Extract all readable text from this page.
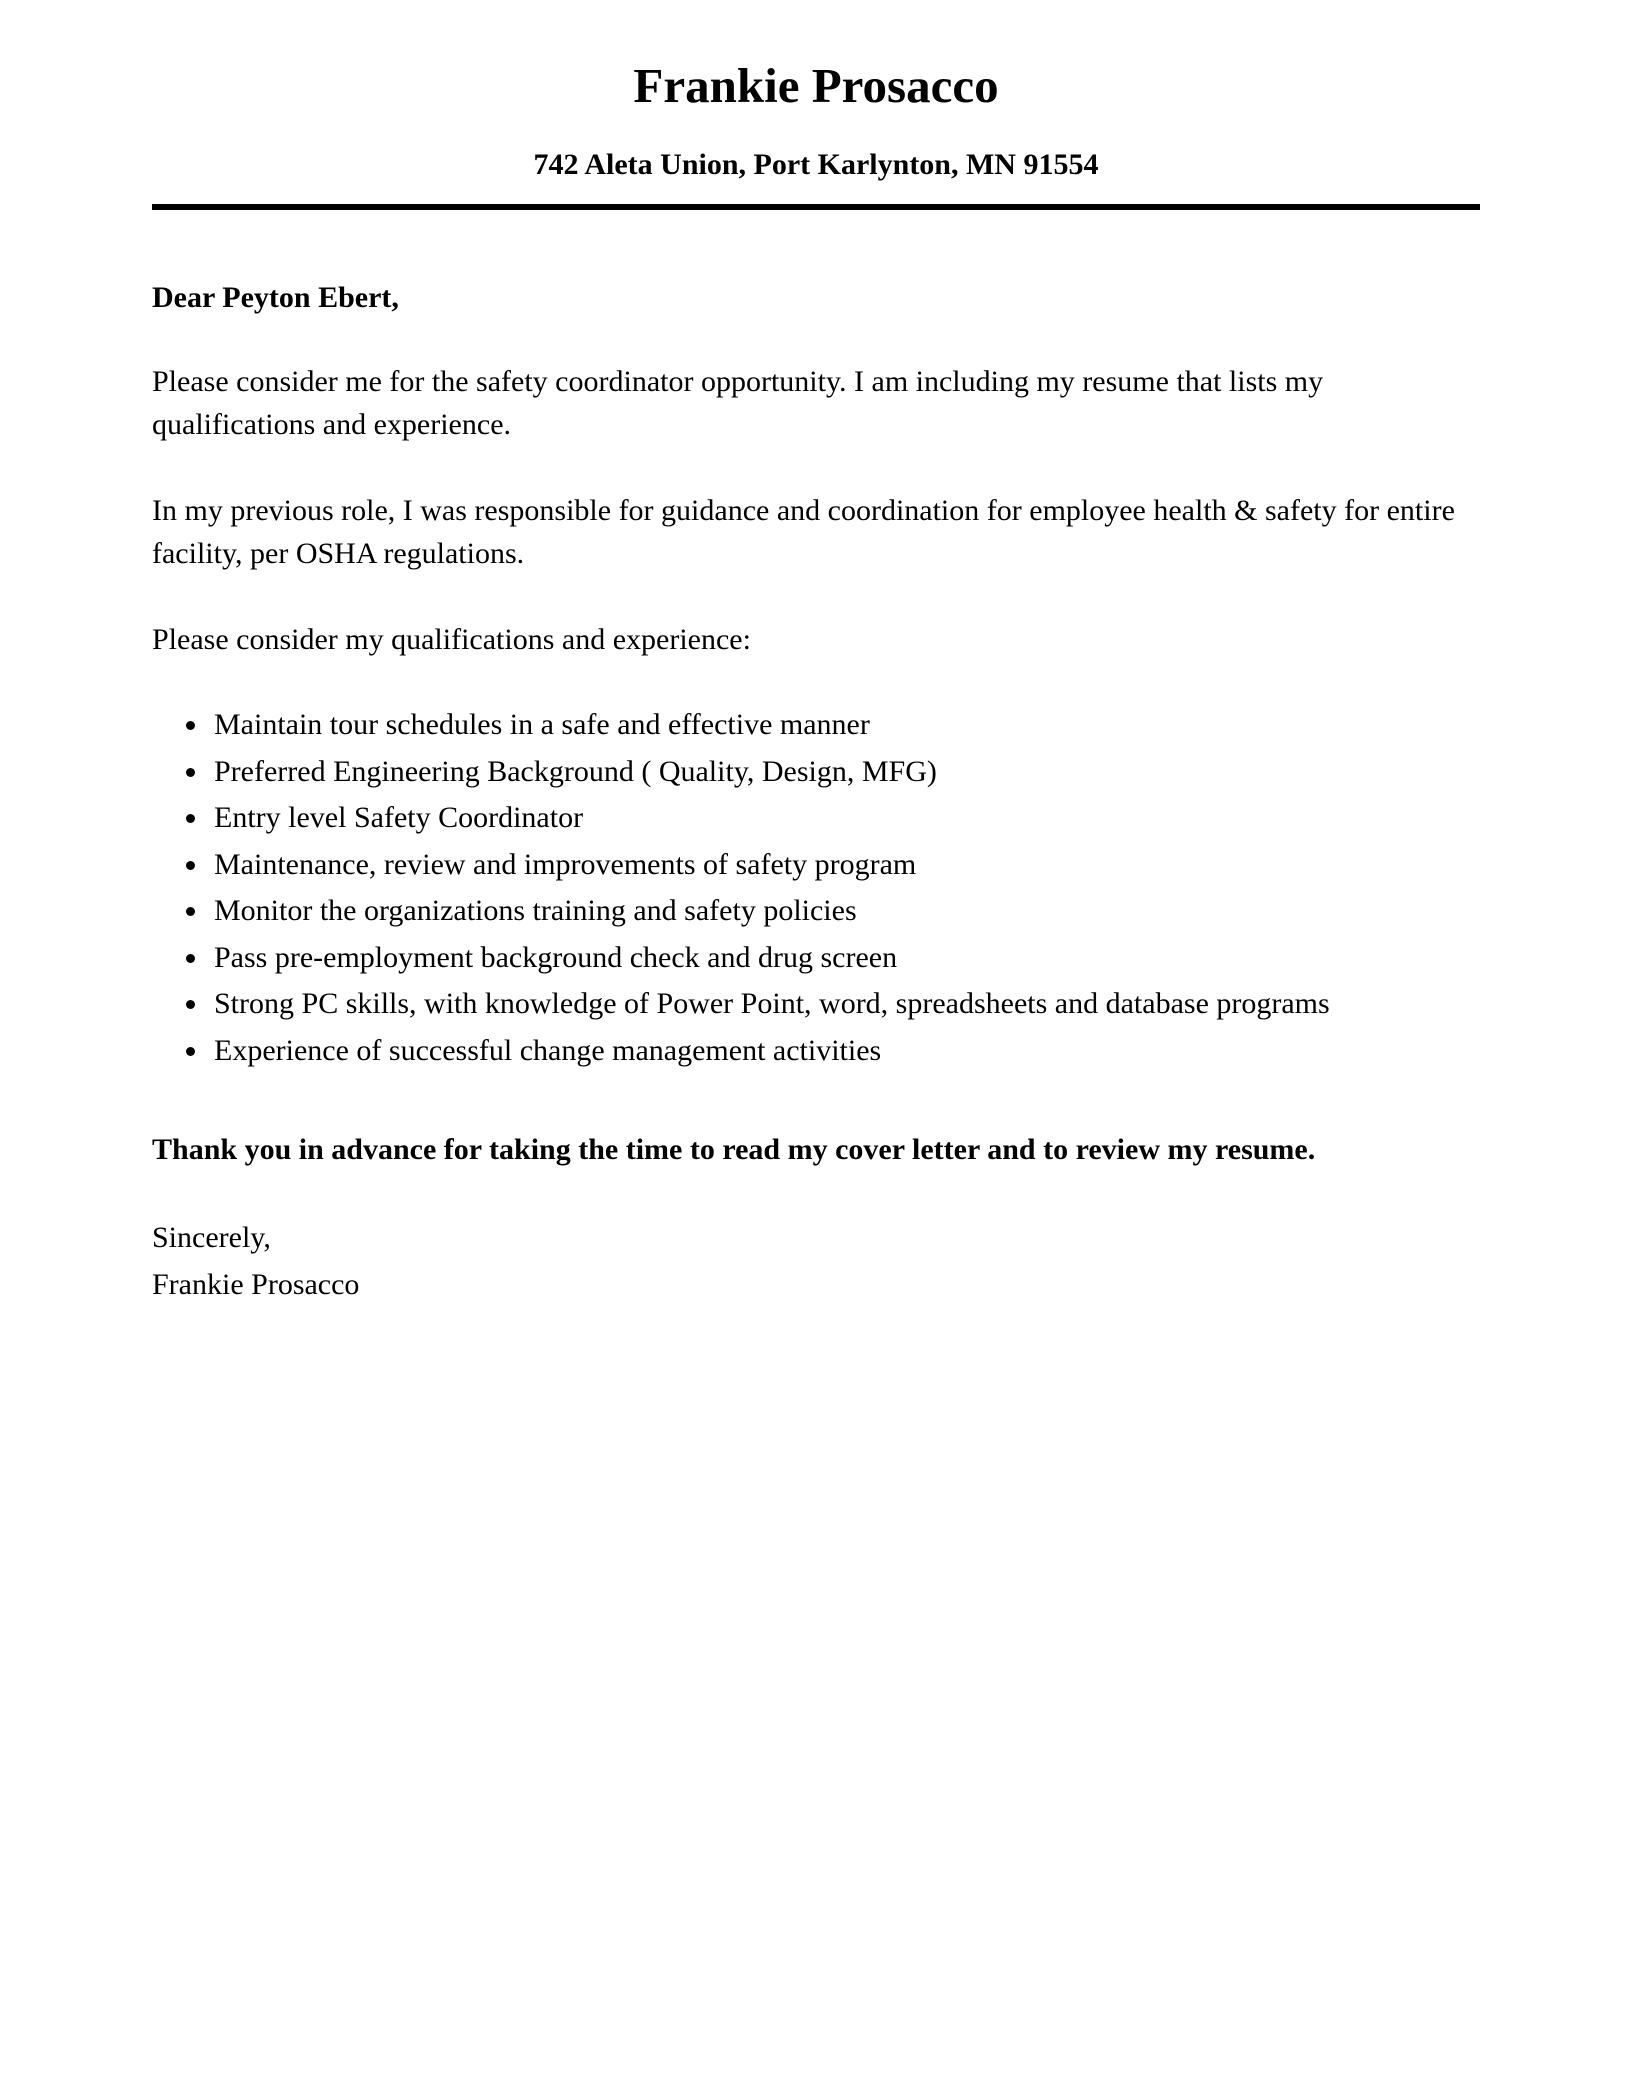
Frankie Prosacco
742 Aleta Union, Port Karlynton, MN 91554

Dear Peyton Ebert,

Please consider me for the safety coordinator opportunity. I am including my resume that lists my qualifications and experience.

In my previous role, I was responsible for guidance and coordination for employee health & safety for entire facility, per OSHA regulations.

Please consider my qualifications and experience:

• Maintain tour schedules in a safe and effective manner
• Preferred Engineering Background ( Quality, Design, MFG)
• Entry level Safety Coordinator
• Maintenance, review and improvements of safety program
• Monitor the organizations training and safety policies
• Pass pre-employment background check and drug screen
• Strong PC skills, with knowledge of Power Point, word, spreadsheets and database programs
• Experience of successful change management activities

Thank you in advance for taking the time to read my cover letter and to review my resume.

Sincerely,

Frankie Prosacco
